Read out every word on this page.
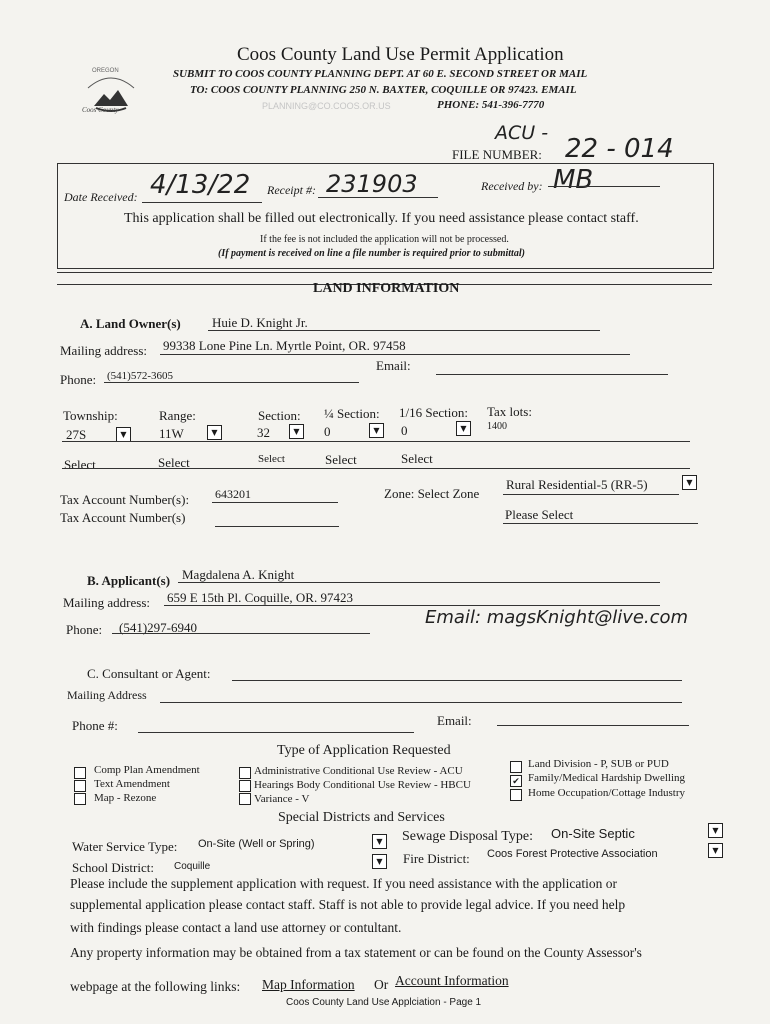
OREGON
Coos County
Coos County Land Use Permit Application
SUBMIT TO COOS COUNTY PLANNING DEPT. AT 60 E. SECOND STREET OR MAIL
TO: COOS COUNTY PLANNING 250 N. BAXTER, COQUILLE OR 97423. EMAIL
PLANNING@CO.COOS.OR.US	PHONE: 541-396-7770
ACU -
FILE NUMBER: 22 - 014
Date Received: 4/13/22 Receipt #: 231903	Received by: MB
This application shall be filled out electronically. If you need assistance please contact staff.
If the fee is not included the application will not be processed.
(If payment is received on line a file number is required prior to submittal)
LAND INFORMATION
A. Land Owner(s) Huie D. Knight Jr.
Mailing address: 99338 Lone Pine Ln. Myrtle Point, OR. 97458
Email:
Phone: (541)572-3605
Township:	Range:	Section: ¼ Section: 1/16 Section: Tax lots:
27S	▼	11W	▼	32	▼	0	▼	0	▼	1400
Select	Select	Select	Select	Select
Tax Account Number(s): 643201
Tax Account Number(s)
Zone: Select Zone
Rural Residential-5 (RR-5)	▼
Please Select
B. Applicant(s) Magdalena A. Knight
Mailing address: 659 E 15th Pl. Coquille, OR. 97423
Phone: (541)297-6940	Email: magsKnight@live.com
C. Consultant or Agent:
Mailing Address
Phone #:	Email:
Type of Application Requested
Comp Plan Amendment
Text Amendment
Map - Rezone
Administrative Conditional Use Review - ACU
Hearings Body Conditional Use Review - HBCU
Variance - V
✔
Land Division - P, SUB or PUD
Family/Medical Hardship Dwelling
Home Occupation/Cottage Industry
Special Districts and Services
Water Service Type: On-Site (Well or Spring)	▼	Sewage Disposal Type: On-Site Septic	▼
School District: Coquille	▼	Fire District: Coos Forest Protective Association	▼
Please include the supplement application with request. If you need assistance with the application or
supplemental application please contact staff. Staff is not able to provide legal advice. If you need help
with findings please contact a land use attorney or contultant.
Any property information may be obtained from a tax statement or can be found on the County Assessor's
webpage at the following links: Map Information Or Account Information
Coos County Land Use Applciation - Page 1
